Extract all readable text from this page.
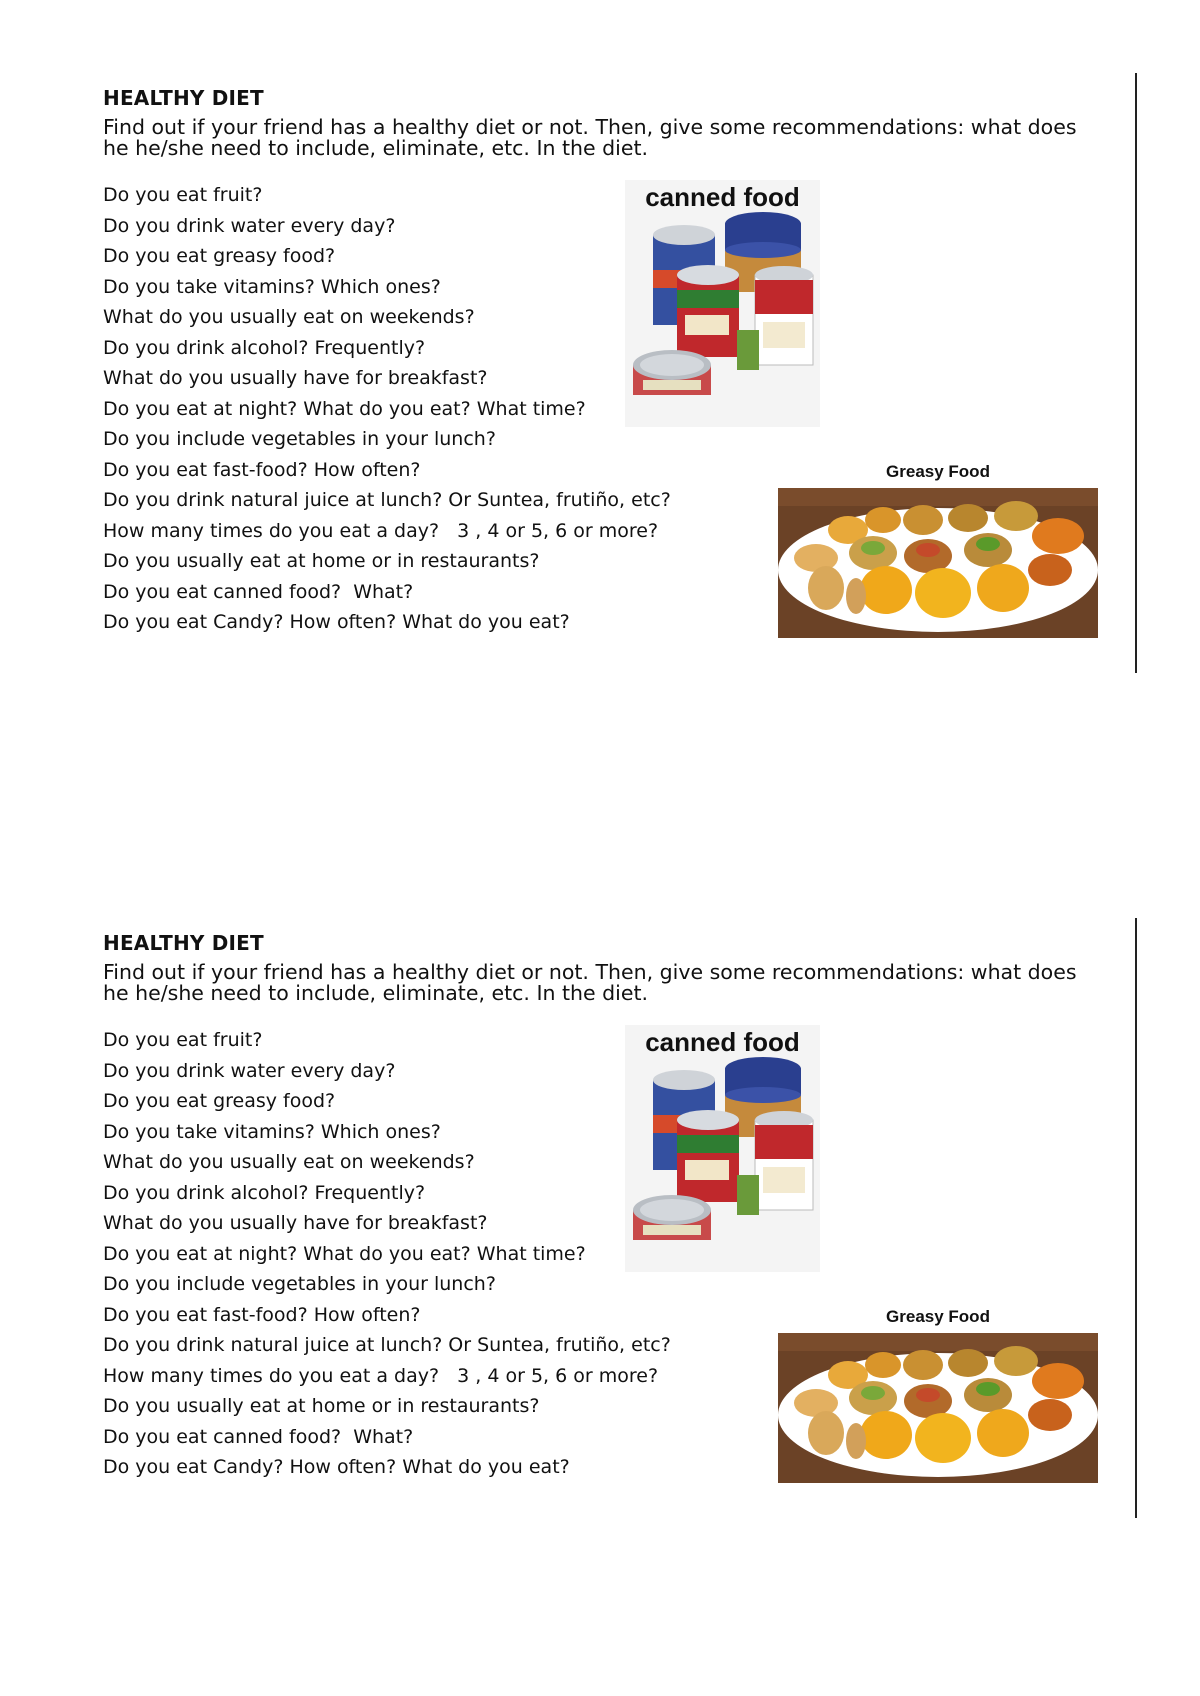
HEALTHY DIET
Find out if your friend has a healthy diet or not. Then, give some recommendations: what does he he/she need to include, eliminate, etc. In the diet.
Do you eat fruit?
Do you drink water every day?
Do you eat greasy food?
Do you take vitamins? Which ones?
What do you usually eat on weekends?
Do you drink alcohol? Frequently?
What do you usually have for breakfast?
Do you eat at night? What do you eat? What time?
Do you include vegetables in your lunch?
Do you eat fast-food? How often?
Do you drink natural juice at lunch? Or Suntea, frutiño, etc?
How many times do you eat a day?   3 , 4 or 5, 6 or more?
Do you usually eat at home or in restaurants?
Do you eat canned food?  What?
Do you eat Candy? How often? What do you eat?
canned food
Greasy Food
HEALTHY DIET
Find out if your friend has a healthy diet or not. Then, give some recommendations: what does he he/she need to include, eliminate, etc. In the diet.
Do you eat fruit?
Do you drink water every day?
Do you eat greasy food?
Do you take vitamins? Which ones?
What do you usually eat on weekends?
Do you drink alcohol? Frequently?
What do you usually have for breakfast?
Do you eat at night? What do you eat? What time?
Do you include vegetables in your lunch?
Do you eat fast-food? How often?
Do you drink natural juice at lunch? Or Suntea, frutiño, etc?
How many times do you eat a day?   3 , 4 or 5, 6 or more?
Do you usually eat at home or in restaurants?
Do you eat canned food?  What?
Do you eat Candy? How often? What do you eat?
canned food
Greasy Food
